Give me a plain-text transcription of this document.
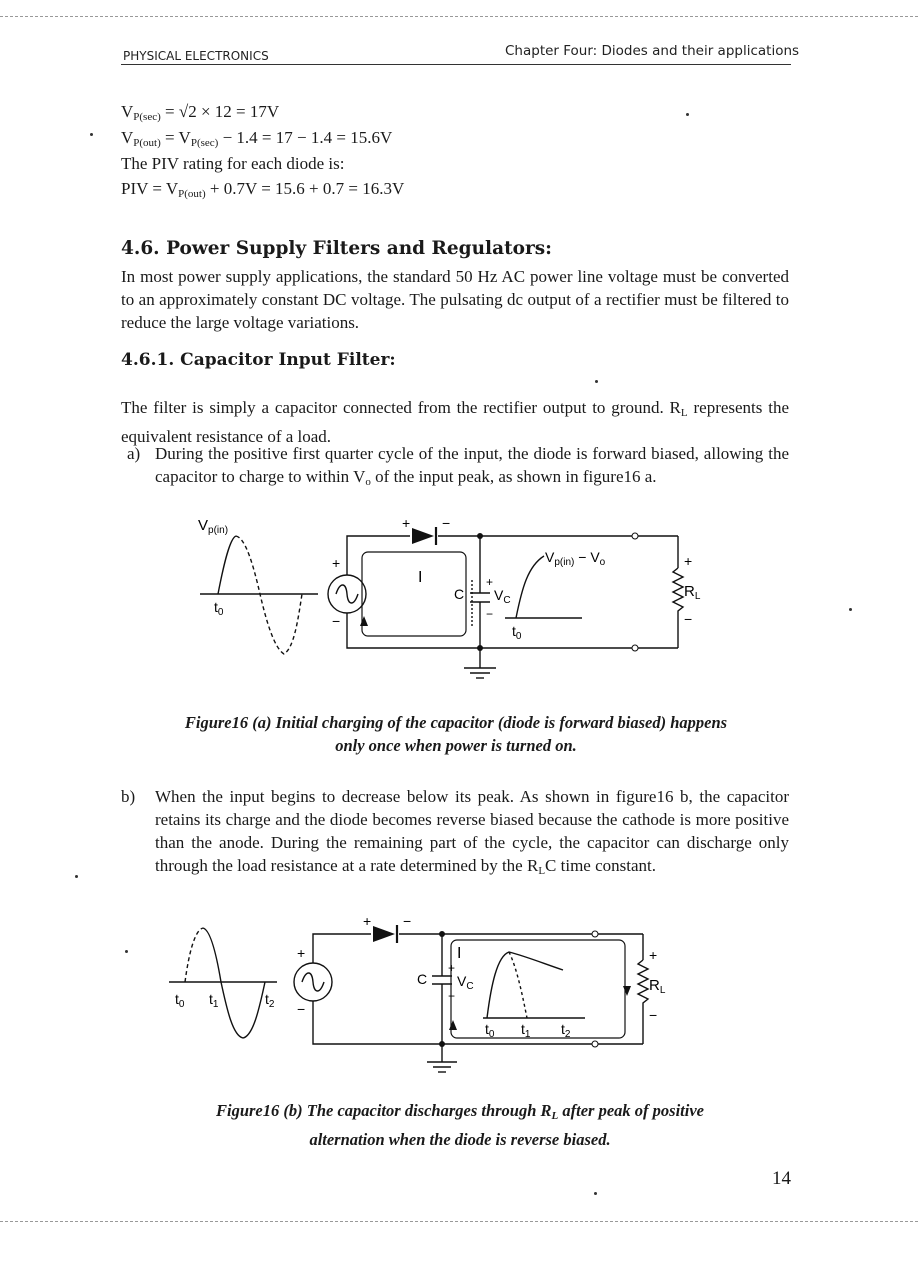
PHYSICAL ELECTRONICS	Chapter Four: Diodes and their applications
$V_{P(sec)} = √2 \times 12 = 17V$
$V_{P(out)} = V_{P(sec)} - 1.4 = 17 - 1.4 = 15.6V$
The PIV rating for each diode is:
PIV = $V_{P(out)} + 0.7V = 15.6 + 0.7 = 16.3V$
4.6. Power Supply Filters and Regulators:
In most power supply applications, the standard 50 Hz AC power line voltage must be converted to an approximately constant DC voltage. The pulsating dc output of a rectifier must be filtered to reduce the large voltage variations.
4.6.1. Capacitor Input Filter:
The filter is simply a capacitor connected from the rectifier output to ground. $R_L$ represents the equivalent resistance of a load.
a) During the positive first quarter cycle of the input, the diode is forward biased, allowing the capacitor to charge to within $V_o$ of the input peak, as shown in figure16 a.
$V_{p(in)}$
$t_0$
+ −
+
−
I
C
+
−
$V_C$
$V_{p(in)} - V_o$
$t_0$
+
$R_L$
−
Figure16 (a) Initial charging of the capacitor (diode is forward biased) happens
only once when power is turned on.
b) When the input begins to decrease below its peak. As shown in figure16 b, the capacitor retains its charge and the diode becomes reverse biased because the cathode is more positive than the anode. During the remaining part of the cycle, the capacitor can discharge only through the load resistance at a rate determined by the $R_LC$ time constant.
$t_0$ $t_1$	$t_2$
+ −
+
−
I
C
+
−
$V_C$
$t_0$ $t_1$ $t_2$
+
$R_L$
−
Figure16 (b) The capacitor discharges through $R_L$ after peak of positive
alternation when the diode is reverse biased.
14
